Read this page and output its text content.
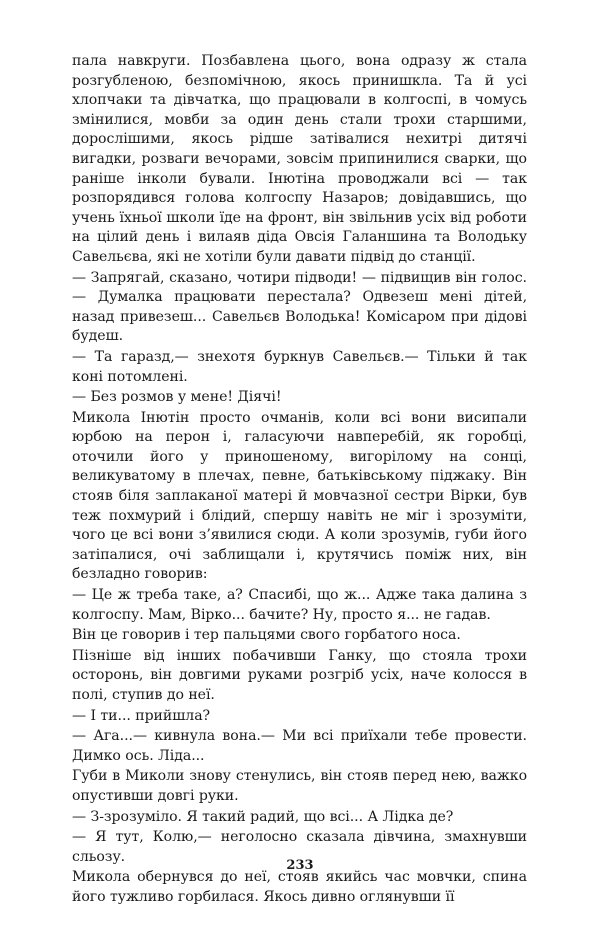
пала навкруги. Позбавлена цього, вона одразу ж стала розгубленою, безпомічною, якось принишкла. Та й усі хлопчаки та дівчатка, що працювали в колгоспі, в чомусь змінилися, мовби за один день стали трохи старшими, дорослішими, якось рідше затівалися нехитрі дитячі вигадки, розваги вечорами, зовсім припинилися сварки, що раніше інколи бували. Інютіна проводжали всі — так розпорядився голова колгоспу Назаров; довідавшись, що учень їхньої школи їде на фронт, він звільнив усіх від роботи на цілий день і вилаяв діда Овсія Галаншина та Володьку Савельєва, які не хотіли були давати підвід до станції.

— Запрягай, сказано, чотири підводи! — підвищив він голос.— Думалка працювати перестала? Одвезеш мені дітей, назад привезеш... Савельєв Володька! Комісаром при дідові будеш.

— Та гаразд,— знехотя буркнув Савельєв.— Тільки й так коні потомлені.

— Без розмов у мене! Діячі!

Микола Інютін просто очманів, коли всі вони висипали юрбою на перон і, галасуючи навперебій, як горобці, оточили його у приношеному, вигорілому на сонці, великуватому в плечах, певне, батьківському піджаку. Він стояв біля заплаканої матері й мовчазної сестри Вірки, був теж похмурий і блідий, спершу навіть не міг і зрозуміти, чого це всі вони з’явилися сюди. А коли зрозумів, губи його затіпалися, очі заблищали і, крутячись поміж них, він безладно говорив:

— Це ж треба таке, а? Спасибі, що ж... Адже така далина з колгоспу. Мам, Вірко... бачите? Ну, просто я... не гадав.

Він це говорив і тер пальцями свого горбатого носа.

Пізніше від інших побачивши Ганку, що стояла трохи осторонь, він довгими руками розгріб усіх, наче колосся в полі, ступив до неї.

— І ти... прийшла?

— Ага...— кивнула вона.— Ми всі приїхали тебе провести. Димко ось. Ліда...

Губи в Миколи знову стенулись, він стояв перед нею, важко опустивши довгі руки.

— З-зрозуміло. Я такий радий, що всі... А Лідка де?

— Я тут, Колю,— неголосно сказала дівчина, змахнувши сльозу.

Микола обернувся до неї, стояв якийсь час мовчки, спина його тужливо горбилася. Якось дивно оглянувши її

233
